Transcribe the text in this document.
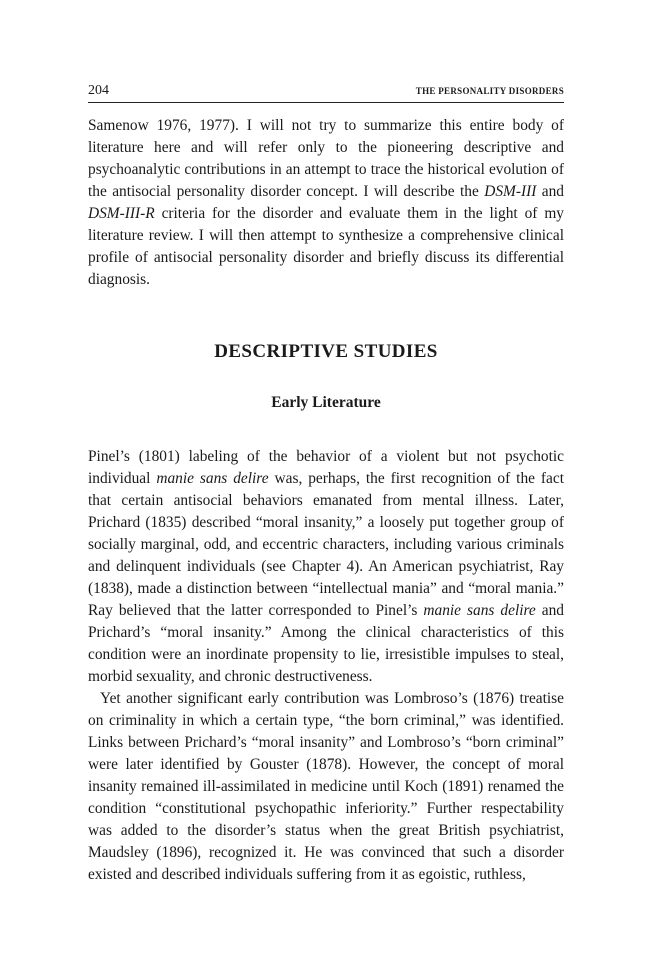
204	THE PERSONALITY DISORDERS

Samenow 1976, 1977). I will not try to summarize this entire body of literature here and will refer only to the pioneering descriptive and psychoanalytic contributions in an attempt to trace the historical evolution of the antisocial personality disorder concept. I will describe the DSM-III and DSM-III-R criteria for the disorder and evaluate them in the light of my literature review. I will then attempt to synthesize a comprehensive clinical profile of antisocial personality disorder and briefly discuss its differential diagnosis.

DESCRIPTIVE STUDIES
Early Literature

Pinel’s (1801) labeling of the behavior of a violent but not psychotic individual manie sans delire was, perhaps, the first recognition of the fact that certain antisocial behaviors emanated from mental illness. Later, Prichard (1835) described “moral insanity,” a loosely put together group of socially marginal, odd, and eccentric characters, including various criminals and delinquent individuals (see Chapter 4). An American psychiatrist, Ray (1838), made a distinction between “intellectual mania” and “moral mania.” Ray believed that the latter corresponded to Pinel’s manie sans delire and Prichard’s “moral insanity.” Among the clinical characteristics of this condition were an inordinate propensity to lie, irresistible impulses to steal, morbid sexuality, and chronic destructiveness.

Yet another significant early contribution was Lombroso’s (1876) treatise on criminality in which a certain type, “the born criminal,” was identified. Links between Prichard’s “moral insanity” and Lombroso’s “born criminal” were later identified by Gouster (1878). However, the concept of moral insanity remained ill-assimilated in medicine until Koch (1891) renamed the condition “constitutional psychopathic inferiority.” Further respectability was added to the disorder’s status when the great British psychiatrist, Maudsley (1896), recognized it. He was convinced that such a disorder existed and described individuals suffering from it as egoistic, ruthless,
